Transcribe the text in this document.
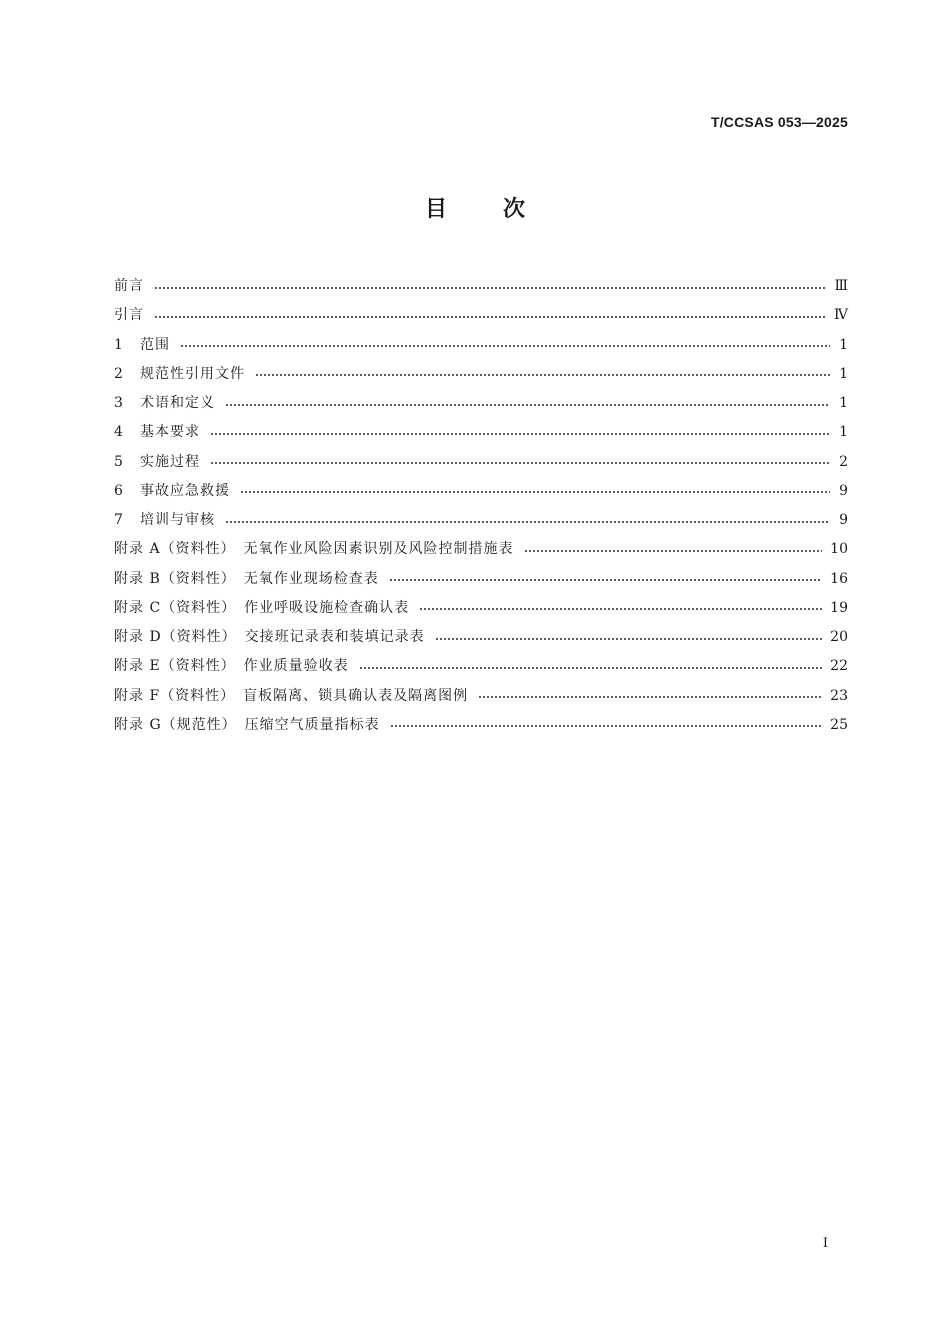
T/CCSAS 053—2025
目次
前言	Ⅲ
引言	Ⅳ
1	范围	1
2	规范性引用文件	1
3	术语和定义	1
4	基本要求	1
5	实施过程	2
6	事故应急救援	9
7	培训与审核	9
附录 A（资料性）　无氧作业风险因素识别及风险控制措施表	10
附录 B（资料性）　无氧作业现场检查表	16
附录 C（资料性）　作业呼吸设施检查确认表	19
附录 D（资料性）　交接班记录表和装填记录表	20
附录 E（资料性）　作业质量验收表	22
附录 F（资料性）　盲板隔离、锁具确认表及隔离图例	23
附录 G（规范性）　压缩空气质量指标表	25
I
